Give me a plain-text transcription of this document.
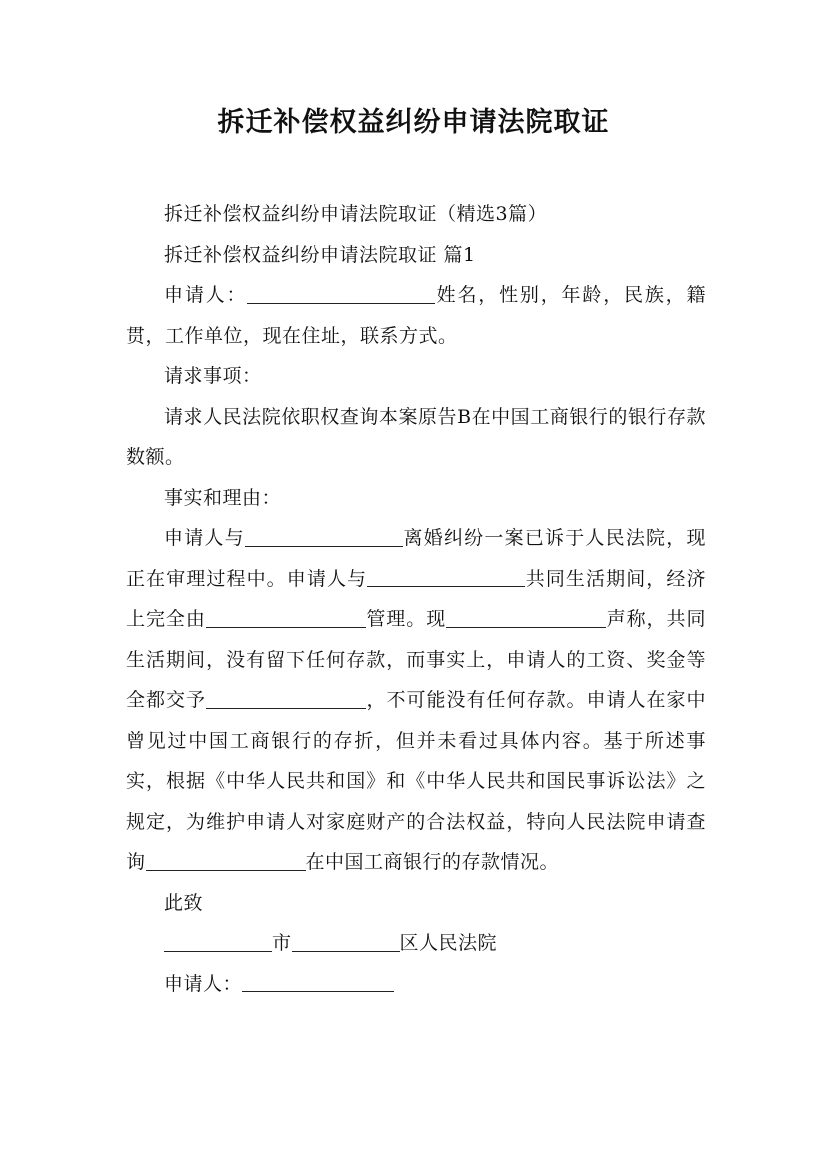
拆迁补偿权益纠纷申请法院取证

拆迁补偿权益纠纷申请法院取证（精选3篇）

拆迁补偿权益纠纷申请法院取证 篇1

申请人：	姓名，性别，年龄，民族，籍贯，工作单位，现在住址，联系方式。

请求事项：

请求人民法院依职权查询本案原告B在中国工商银行的银行存款数额。

事实和理由：

申请人与	离婚纠纷一案已诉于人民法院，现正在审理过程中。申请人与	共同生活期间，经济上完全由	管理。现	声称，共同生活期间，没有留下任何存款，而事实上，申请人的工资、奖金等全都交予	，不可能没有任何存款。申请人在家中曾见过中国工商银行的存折，但并未看过具体内容。基于所述事实，根据《中华人民共和国》和《中华人民共和国民事诉讼法》之规定，为维护申请人对家庭财产的合法权益，特向人民法院申请查询	在中国工商银行的存款情况。

此致

市	区人民法院

申请人：
